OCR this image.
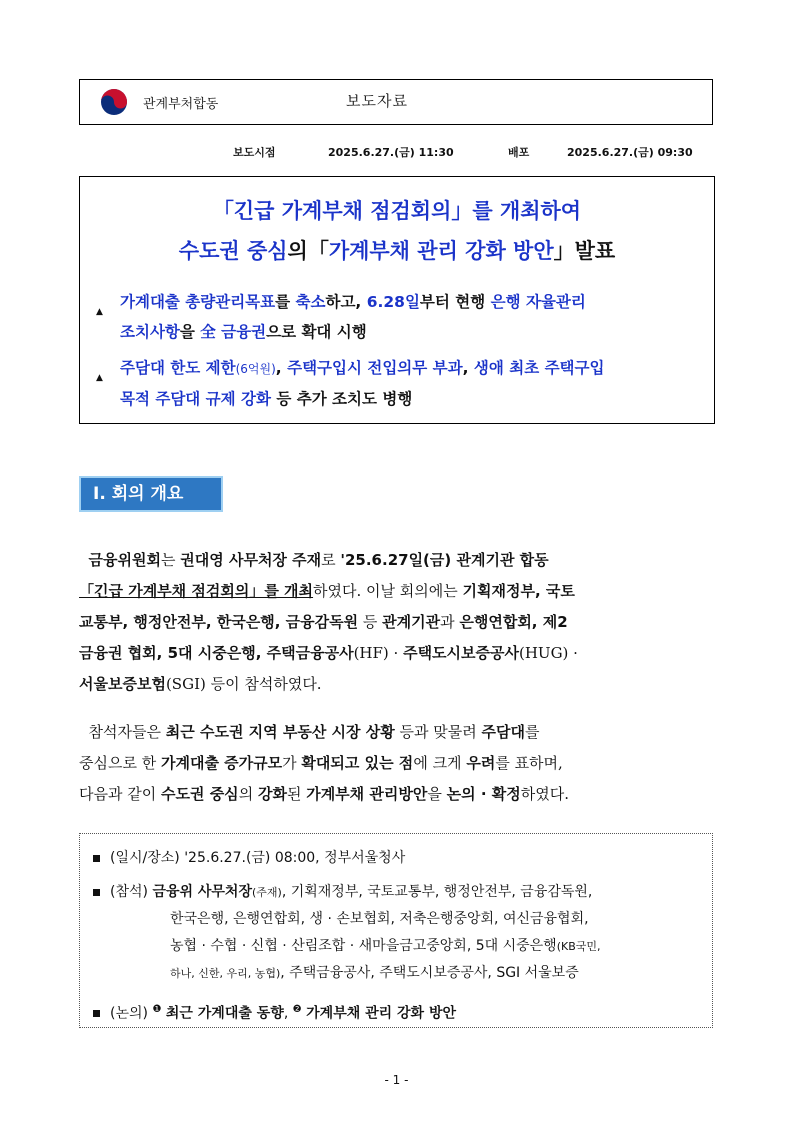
관계부처합동	보도자료
보도시점	2025.6.27.(금) 11:30	배포	2025.6.27.(금) 09:30
「긴급 가계부채 점검회의」를 개최하여
수도권 중심의「가계부채 관리 강화 방안」발표
▲
가계대출 총량관리목표를 축소하고, 6.28일부터 현행 은행 자율관리
조치사항을 全 금융권으로 확대 시행
▲
주담대 한도 제한(6억원), 주택구입시 전입의무 부과, 생애 최초 주택구입
목적 주담대 규제 강화 등 추가 조치도 병행
Ⅰ. 회의 개요
금융위원회는 권대영 사무처장 주재로 '25.6.27일(금) 관계기관 합동
「긴급 가계부채 점검회의」를 개최하였다. 이날 회의에는 기획재정부, 국토
교통부, 행정안전부, 한국은행, 금융감독원 등 관계기관과 은행연합회, 제2
금융권 협회, 5대 시중은행, 주택금융공사(HF) · 주택도시보증공사(HUG) ·
서울보증보험(SGI) 등이 참석하였다.
참석자들은 최근 수도권 지역 부동산 시장 상황 등과 맞물려 주담대를
중심으로 한 가계대출 증가규모가 확대되고 있는 점에 크게 우려를 표하며,
다음과 같이 수도권 중심의 강화된 가계부채 관리방안을 논의 · 확정하였다.
(일시/장소) '25.6.27.(금) 08:00, 정부서울청사
(참석) 금융위 사무처장(주재), 기획재정부, 국토교통부, 행정안전부, 금융감독원,
한국은행, 은행연합회, 생 · 손보협회, 저축은행중앙회, 여신금융협회,
농협 · 수협 · 신협 · 산림조합 · 새마을금고중앙회, 5대 시중은행(KB국민,
하나, 신한, 우리, 농협), 주택금융공사, 주택도시보증공사, SGI 서울보증
(논의) $^❶$ 최근 가계대출 동향, $^❷$ 가계부채 관리 강화 방안
- 1 -
